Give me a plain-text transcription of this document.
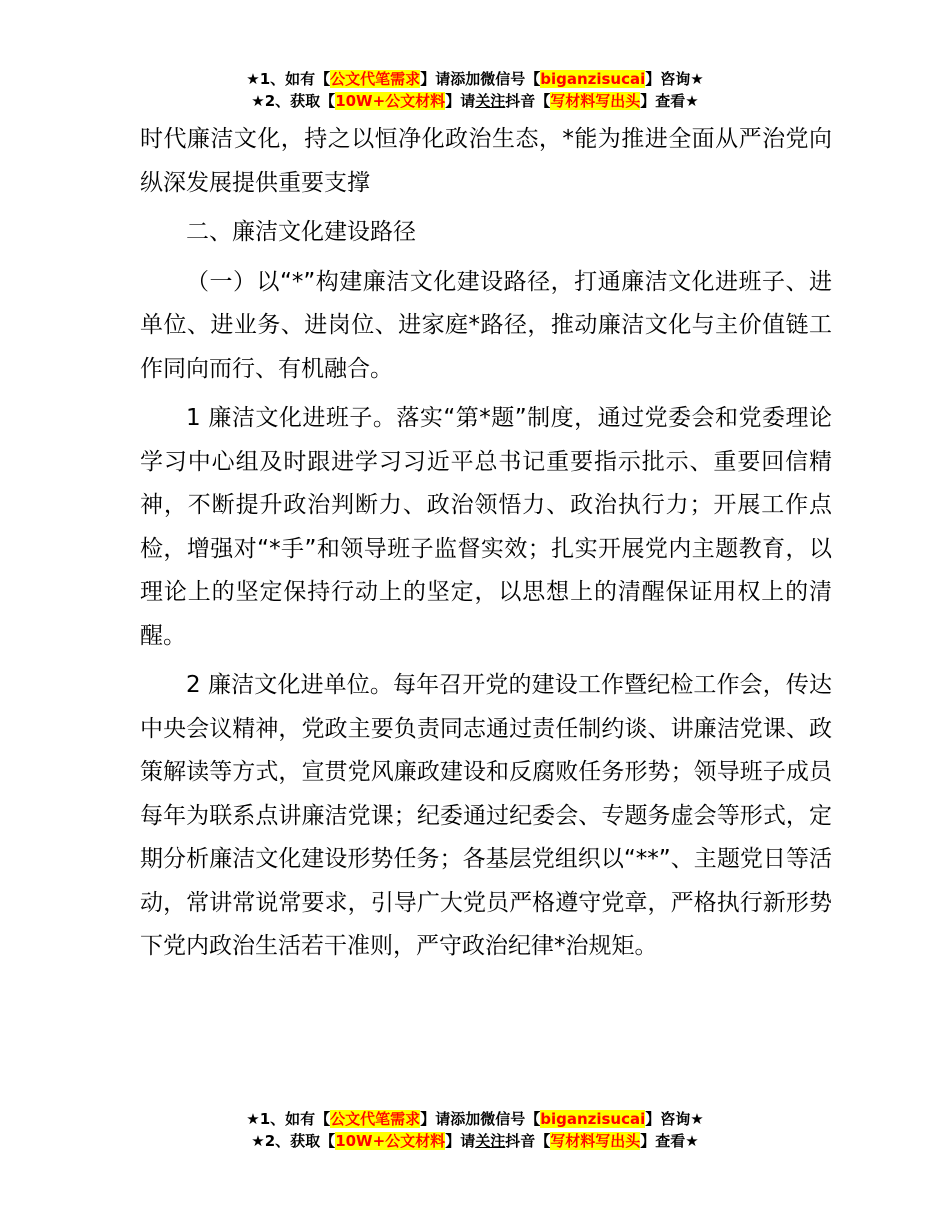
★1、如有【公文代笔需求】请添加微信号【biganzisucai】咨询★
★2、获取【10W+公文材料】请关注抖音【写材料写出头】查看★

时代廉洁文化，持之以恒净化政治生态，*能为推进全面从严治党向纵深发展提供重要支撑

二、廉洁文化建设路径

（一）以“*”构建廉洁文化建设路径，打通廉洁文化进班子、进单位、进业务、进岗位、进家庭*路径，推动廉洁文化与主价值链工作同向而行、有机融合。

1 廉洁文化进班子。落实“第*题”制度，通过党委会和党委理论学习中心组及时跟进学习习近平总书记重要指示批示、重要回信精神，不断提升政治判断力、政治领悟力、政治执行力；开展工作点检，增强对“*手”和领导班子监督实效；扎实开展党内主题教育，以理论上的坚定保持行动上的坚定，以思想上的清醒保证用权上的清醒。

2 廉洁文化进单位。每年召开党的建设工作暨纪检工作会，传达中央会议精神，党政主要负责同志通过责任制约谈、讲廉洁党课、政策解读等方式，宣贯党风廉政建设和反腐败任务形势；领导班子成员每年为联系点讲廉洁党课；纪委通过纪委会、专题务虚会等形式，定期分析廉洁文化建设形势任务；各基层党组织以“**”、主题党日等活动，常讲常说常要求，引导广大党员严格遵守党章，严格执行新形势下党内政治生活若干准则，严守政治纪律*治规矩。

★1、如有【公文代笔需求】请添加微信号【biganzisucai】咨询★
★2、获取【10W+公文材料】请关注抖音【写材料写出头】查看★
